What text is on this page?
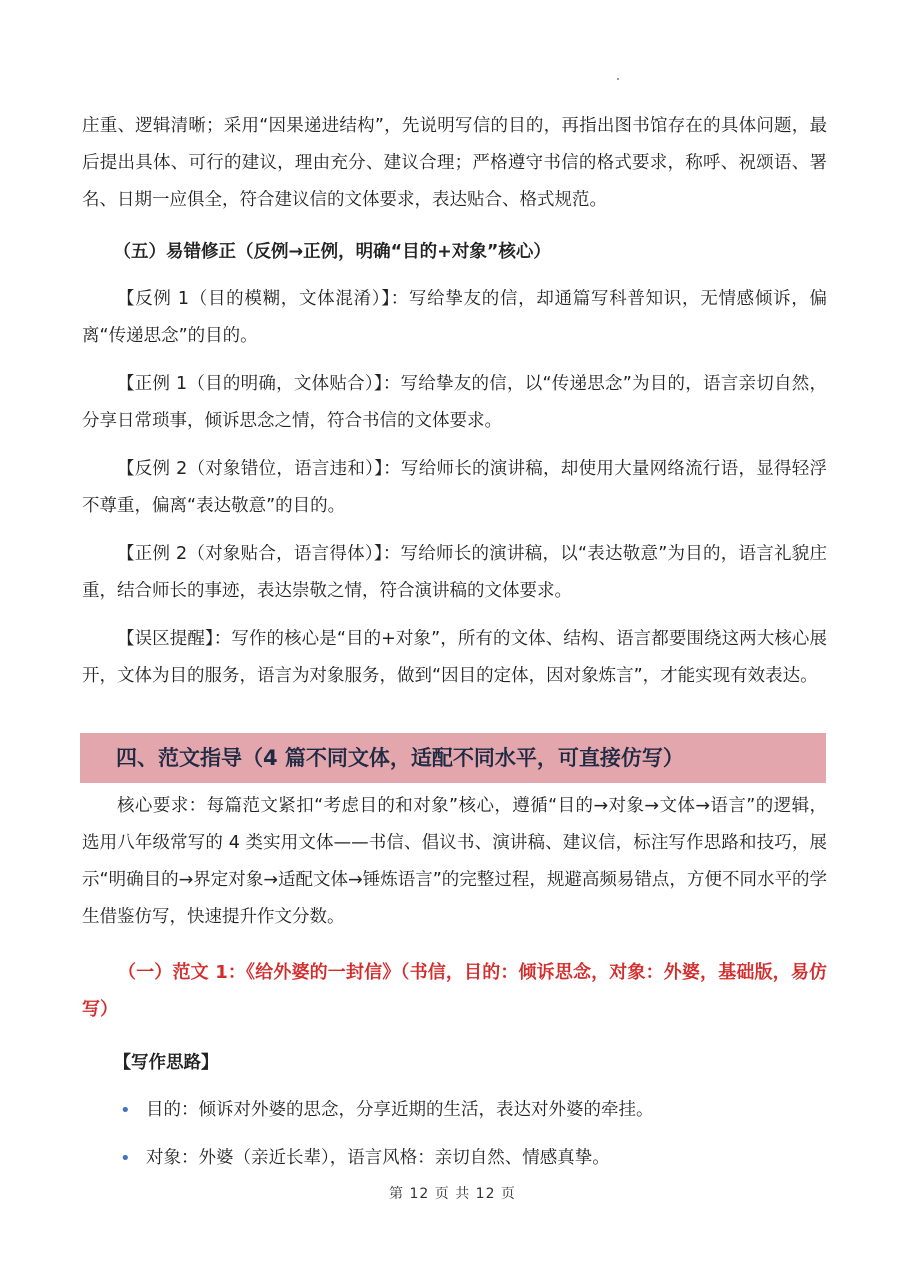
庄重、逻辑清晰；采用“因果递进结构”，先说明写信的目的，再指出图书馆存在的具体问题，最后提出具体、可行的建议，理由充分、建议合理；严格遵守书信的格式要求，称呼、祝颂语、署名、日期一应俱全，符合建议信的文体要求，表达贴合、格式规范。

（五）易错修正（反例→正例，明确“目的+对象”核心）

【反例 1（目的模糊，文体混淆）】：写给挚友的信，却通篇写科普知识，无情感倾诉，偏离“传递思念”的目的。

【正例 1（目的明确，文体贴合）】：写给挚友的信，以“传递思念”为目的，语言亲切自然，分享日常琐事，倾诉思念之情，符合书信的文体要求。

【反例 2（对象错位，语言违和）】：写给师长的演讲稿，却使用大量网络流行语，显得轻浮不尊重，偏离“表达敬意”的目的。

【正例 2（对象贴合，语言得体）】：写给师长的演讲稿，以“表达敬意”为目的，语言礼貌庄重，结合师长的事迹，表达崇敬之情，符合演讲稿的文体要求。

【误区提醒】：写作的核心是“目的+对象”，所有的文体、结构、语言都要围绕这两大核心展开，文体为目的服务，语言为对象服务，做到“因目的定体，因对象炼言”，才能实现有效表达。

四、范文指导（4 篇不同文体，适配不同水平，可直接仿写）

核心要求：每篇范文紧扣“考虑目的和对象”核心，遵循“目的→对象→文体→语言”的逻辑，选用八年级常写的 4 类实用文体——书信、倡议书、演讲稿、建议信，标注写作思路和技巧，展示“明确目的→界定对象→适配文体→锤炼语言”的完整过程，规避高频易错点，方便不同水平的学生借鉴仿写，快速提升作文分数。

（一）范文 1：《给外婆的一封信》（书信，目的：倾诉思念，对象：外婆，基础版，易仿写）

【写作思路】

• 目的：倾诉对外婆的思念，分享近期的生活，表达对外婆的牵挂。
• 对象：外婆（亲近长辈），语言风格：亲切自然、情感真挚。
第 12 页 共 12 页
